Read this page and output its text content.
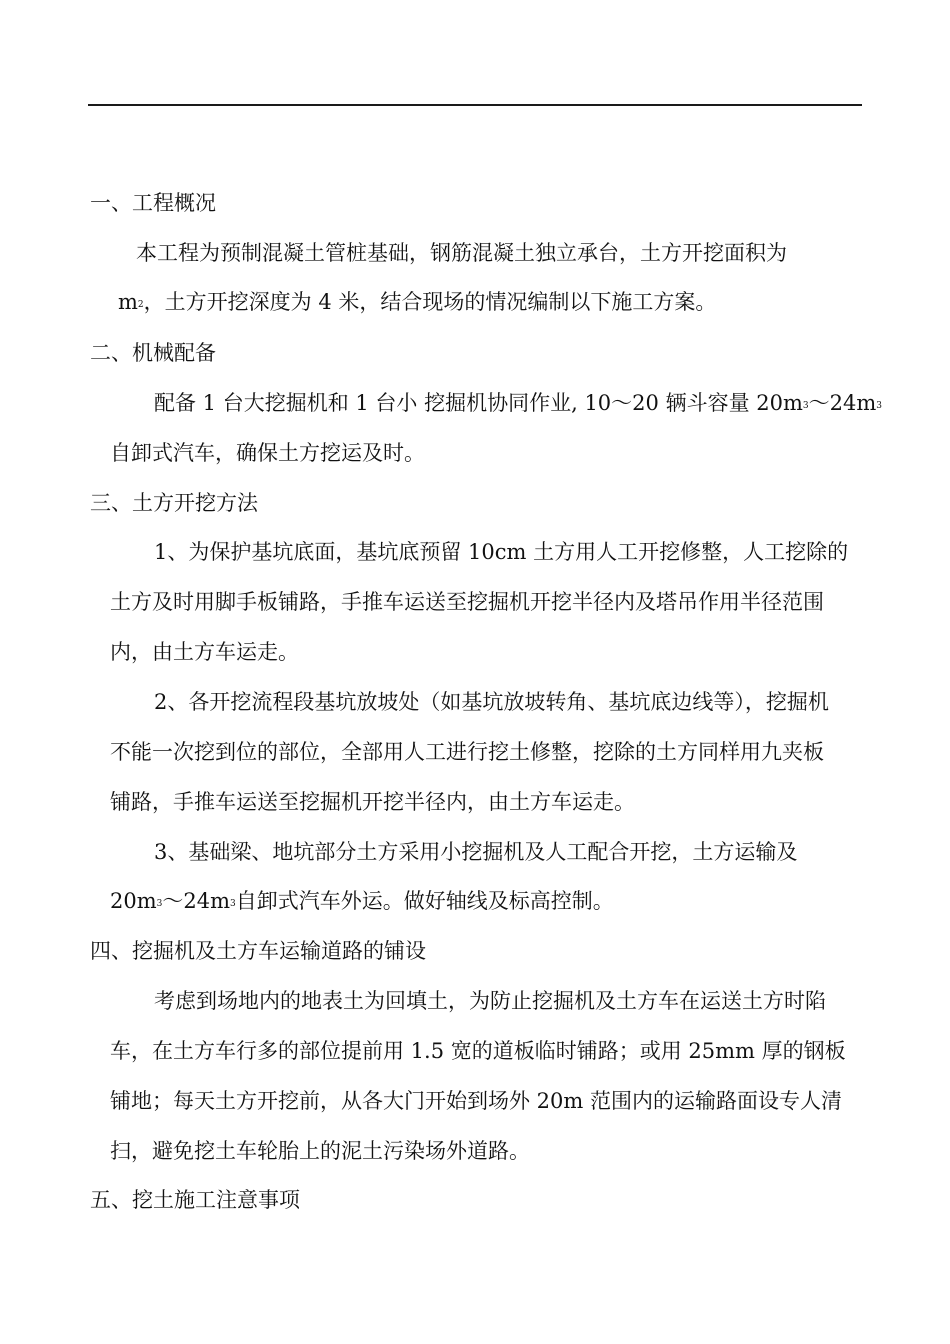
一、工程概况
本工程为预制混凝土管桩基础，钢筋混凝土独立承台，土方开挖面积为
m2，土方开挖深度为 4 米，结合现场的情况编制以下施工方案。
二、机械配备
配备 1 台大挖掘机和 1 台小 挖掘机协同作业, 10～20 辆斗容量 20m3～24m3
自卸式汽车，确保土方挖运及时。
三、土方开挖方法
1、为保护基坑底面，基坑底预留 10cm 土方用人工开挖修整，人工挖除的
土方及时用脚手板铺路，手推车运送至挖掘机开挖半径内及塔吊作用半径范围
内，由土方车运走。
2、各开挖流程段基坑放坡处（如基坑放坡转角、基坑底边线等），挖掘机
不能一次挖到位的部位，全部用人工进行挖土修整，挖除的土方同样用九夹板
铺路，手推车运送至挖掘机开挖半径内，由土方车运走。
3、基础梁、地坑部分土方采用小挖掘机及人工配合开挖，土方运输及
20m3～24m3自卸式汽车外运。做好轴线及标高控制。
四、挖掘机及土方车运输道路的铺设
考虑到场地内的地表土为回填土，为防止挖掘机及土方车在运送土方时陷
车，在土方车行多的部位提前用 1.5 宽的道板临时铺路；或用 25mm 厚的钢板
铺地；每天土方开挖前，从各大门开始到场外 20m 范围内的运输路面设专人清
扫，避免挖土车轮胎上的泥土污染场外道路。
五、挖土施工注意事项
